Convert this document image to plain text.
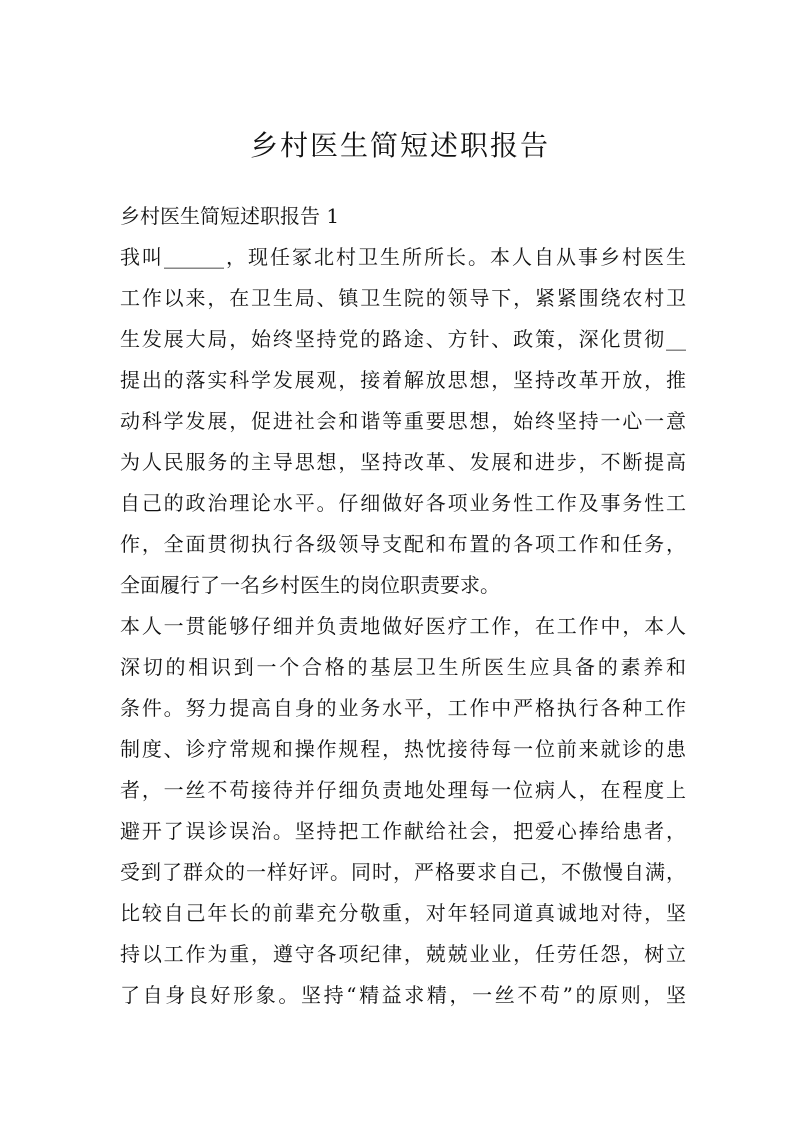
乡村医生简短述职报告
乡村医生简短述职报告 1
我叫______，现任冢北村卫生所所长。本人自从事乡村医生
工作以来，在卫生局、镇卫生院的领导下，紧紧围绕农村卫
生发展大局，始终坚持党的路途、方针、政策，深化贯彻__
提出的落实科学发展观，接着解放思想，坚持改革开放，推
动科学发展，促进社会和谐等重要思想，始终坚持一心一意
为人民服务的主导思想，坚持改革、发展和进步，不断提高
自己的政治理论水平。仔细做好各项业务性工作及事务性工
作，全面贯彻执行各级领导支配和布置的各项工作和任务，
全面履行了一名乡村医生的岗位职责要求。
本人一贯能够仔细并负责地做好医疗工作，在工作中，本人
深切的相识到一个合格的基层卫生所医生应具备的素养和
条件。努力提高自身的业务水平，工作中严格执行各种工作
制度、诊疗常规和操作规程，热忱接待每一位前来就诊的患
者，一丝不苟接待并仔细负责地处理每一位病人，在程度上
避开了误诊误治。坚持把工作献给社会，把爱心捧给患者，
受到了群众的一样好评。同时，严格要求自己，不傲慢自满，
比较自己年长的前辈充分敬重，对年轻同道真诚地对待，坚
持以工作为重，遵守各项纪律，兢兢业业，任劳任怨，树立
了自身良好形象。坚持“精益求精，一丝不苟”的原则，坚
